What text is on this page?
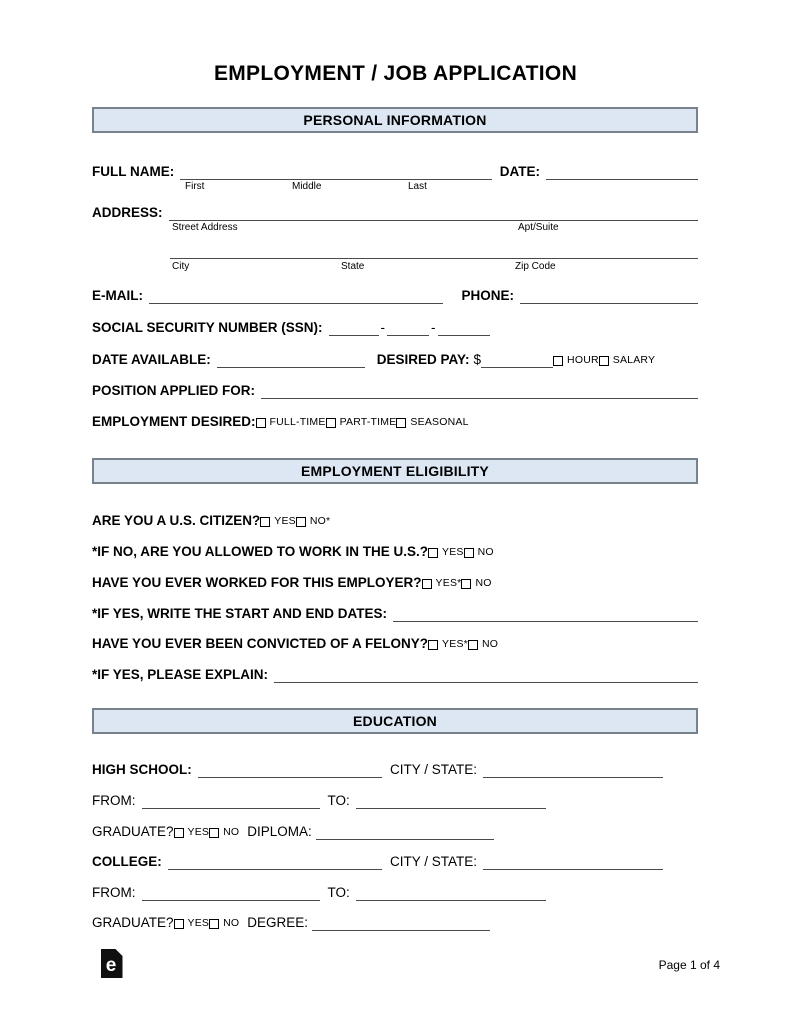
EMPLOYMENT / JOB APPLICATION
PERSONAL INFORMATION
FULL NAME:	DATE:
First	Middle	Last
ADDRESS:
Street Address	Apt/Suite
City	State	Zip Code
E-MAIL:	PHONE:
SOCIAL SECURITY NUMBER (SSN):	-	-
DATE AVAILABLE:	DESIRED PAY: $	HOUR SALARY
POSITION APPLIED FOR:
EMPLOYMENT DESIRED: FULL-TIME PART-TIME SEASONAL
EMPLOYMENT ELIGIBILITY
ARE YOU A U.S. CITIZEN? YES NO*
*IF NO, ARE YOU ALLOWED TO WORK IN THE U.S.? YES NO
HAVE YOU EVER WORKED FOR THIS EMPLOYER? YES* NO
*IF YES, WRITE THE START AND END DATES:
HAVE YOU EVER BEEN CONVICTED OF A FELONY? YES* NO
*IF YES, PLEASE EXPLAIN:
EDUCATION
HIGH SCHOOL:	CITY / STATE:
FROM:	TO:
GRADUATE? YES NO DIPLOMA:
COLLEGE:	CITY / STATE:
FROM:	TO:
GRADUATE? YES NO DEGREE:
e	Page 1 of 4
